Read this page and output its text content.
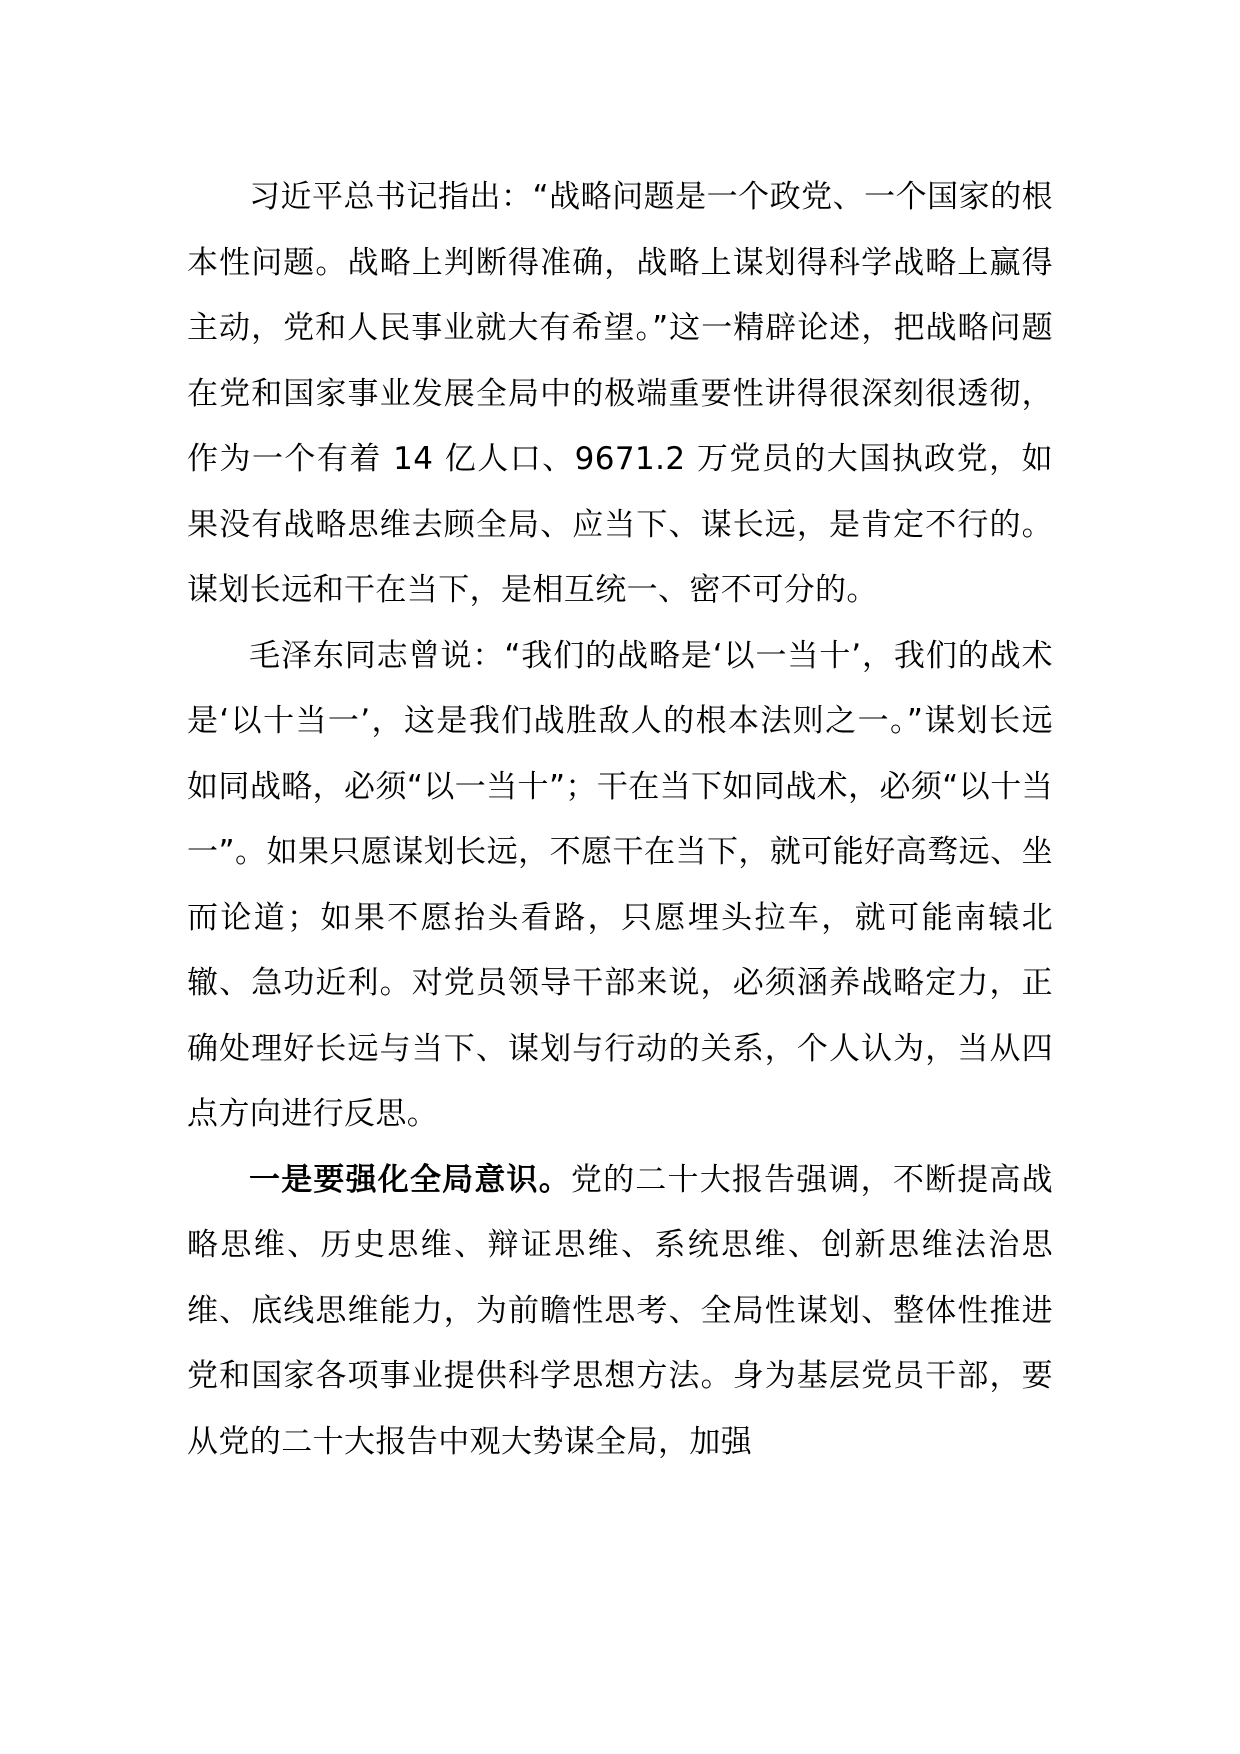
习近平总书记指出：“战略问题是一个政党、一个国家的根本性问题。战略上判断得准确，战略上谋划得科学战略上赢得主动，党和人民事业就大有希望。”这一精辟论述，把战略问题在党和国家事业发展全局中的极端重要性讲得很深刻很透彻，作为一个有着 14 亿人口、9671.2 万党员的大国执政党，如果没有战略思维去顾全局、应当下、谋长远，是肯定不行的。谋划长远和干在当下，是相互统一、密不可分的。

毛泽东同志曾说：“我们的战略是‘以一当十’，我们的战术是‘以十当一’，这是我们战胜敌人的根本法则之一。”谋划长远如同战略，必须“以一当十”；干在当下如同战术，必须“以十当一”。如果只愿谋划长远，不愿干在当下，就可能好高骛远、坐而论道；如果不愿抬头看路，只愿埋头拉车，就可能南辕北辙、急功近利。对党员领导干部来说，必须涵养战略定力，正确处理好长远与当下、谋划与行动的关系，个人认为，当从四点方向进行反思。

一是要强化全局意识。党的二十大报告强调，不断提高战略思维、历史思维、辩证思维、系统思维、创新思维法治思维、底线思维能力，为前瞻性思考、全局性谋划、整体性推进党和国家各项事业提供科学思想方法。身为基层党员干部，要从党的二十大报告中观大势谋全局，加强
